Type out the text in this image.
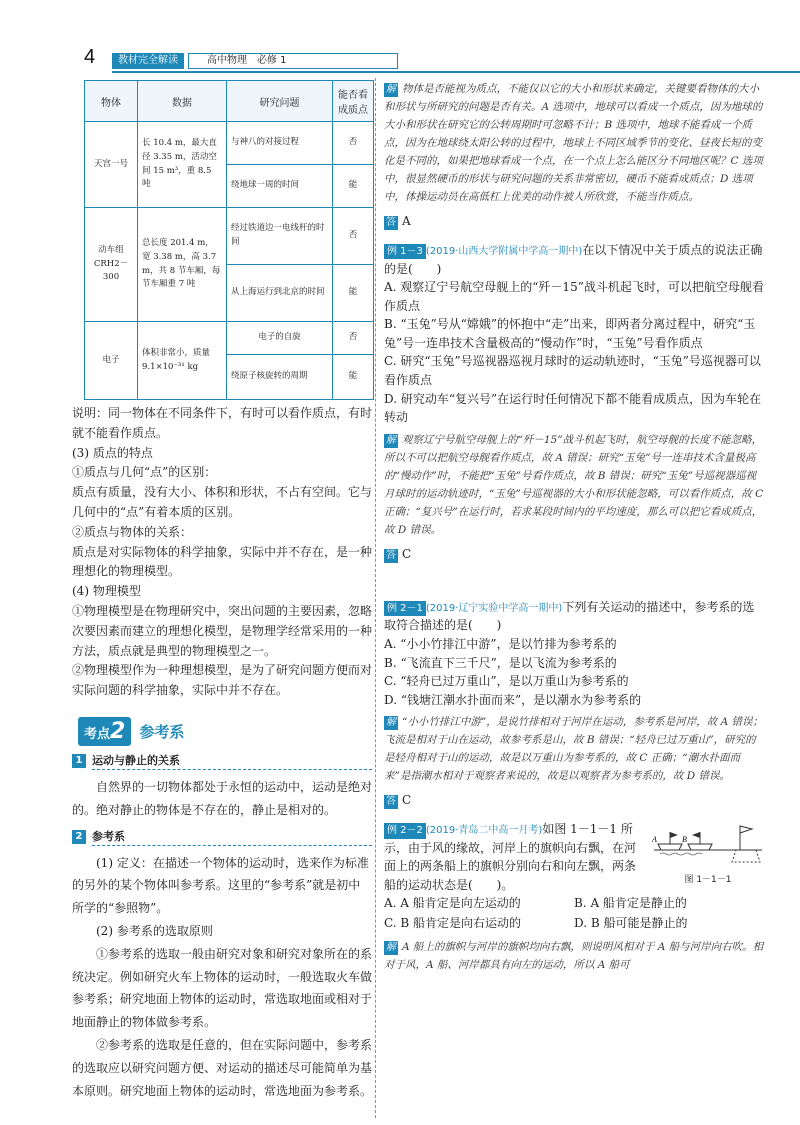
4	教材完全解读	高中物理　必修 1
物体	数据	研究问题	能否看成质点
天宫一号	长 10.4 m，最大直径 3.35 m，活动空间 15 m³，重 8.5 吨	与神八的对接过程	否
		绕地球一周的时间	能
动车组 CRH2－300	总长度 201.4 m，宽 3.38 m，高 3.7 m，共 8 节车厢，每节车厢重 7 吨	经过铁道边一电线杆的时间	否
		从上海运行到北京的时间	能
电子	体积非常小，质量 9.1×10⁻³¹ kg	电子的自旋	否
		绕原子核旋转的周期	能

说明：同一物体在不同条件下，有时可以看作质点，有时就不能看作质点。

(3) 质点的特点

①质点与几何“点”的区别：

质点有质量，没有大小、体积和形状，不占有空间。它与几何中的“点”有着本质的区别。

②质点与物体的关系：

质点是对实际物体的科学抽象，实际中并不存在，是一种理想化的物理模型。

(4) 物理模型

①物理模型是在物理研究中，突出问题的主要因素，忽略次要因素而建立的理想化模型，是物理学经常采用的一种方法，质点就是典型的物理模型之一。

②物理模型作为一种理想模型，是为了研究问题方便而对实际问题的科学抽象，实际中并不存在。

考点2 参考系
1 运动与静止的关系

自然界的一切物体都处于永恒的运动中，运动是绝对的。绝对静止的物体是不存在的，静止是相对的。

2 参考系

(1) 定义：在描述一个物体的运动时，选来作为标准的另外的某个物体叫参考系。这里的“参考系”就是初中所学的“参照物”。

(2) 参考系的选取原则

①参考系的选取一般由研究对象和研究对象所在的系统决定。例如研究火车上物体的运动时，一般选取火车做参考系；研究地面上物体的运动时，常选取地面或相对于地面静止的物体做参考系。

②参考系的选取是任意的，但在实际问题中，参考系的选取应以研究问题方便、对运动的描述尽可能简单为基本原则。研究地面上物体的运动时，常选地面为参考系。

解 物体是否能视为质点，不能仅以它的大小和形状来确定，关键要看物体的大小和形状与所研究的问题是否有关。A 选项中，地球可以看成一个质点，因为地球的大小和形状在研究它的公转周期时可忽略不计；B 选项中，地球不能看成一个质点，因为在地球绕太阳公转的过程中，地球上不同区域季节的变化、昼夜长短的变化是不同的，如果把地球看成一个点，在一个点上怎么能区分不同地区呢？C 选项中，很显然硬币的形状与研究问题的关系非常密切，硬币不能看成质点；D 选项中，体操运动员在高低杠上优美的动作被人所欣赏，不能当作质点。

答 A

例 1－3 (2019·山西大学附属中学高一期中)在以下情况中关于质点的说法正确的是(　　)

A. 观察辽宁号航空母舰上的“歼－15”战斗机起飞时，可以把航空母舰看作质点

B. “玉兔”号从“嫦娥”的怀抱中“走”出来，即两者分离过程中，研究“玉兔”号一连串技术含量极高的“慢动作”时，“玉兔”号看作质点

C. 研究“玉兔”号巡视器巡视月球时的运动轨迹时，“玉兔”号巡视器可以看作质点

D. 研究动车“复兴号”在运行时任何情况下都不能看成质点，因为车轮在转动

解 观察辽宁号航空母舰上的“歼－15”战斗机起飞时，航空母舰的长度不能忽略，所以不可以把航空母舰看作质点，故 A 错误；研究“玉兔”号一连串技术含量极高的“慢动作”时，不能把“玉兔”号看作质点，故 B 错误；研究“玉兔”号巡视器巡视月球时的运动轨迹时，“玉兔”号巡视器的大小和形状能忽略，可以看作质点，故 C 正确；“复兴号”在运行时，若求某段时间内的平均速度，那么可以把它看成质点，故 D 错误。

答 C

例 2－1 (2019·辽宁实验中学高一期中)下列有关运动的描述中，参考系的选取符合描述的是(　　)

A. “小小竹排江中游”，是以竹排为参考系的

B. “飞流直下三千尺”，是以飞流为参考系的

C. “轻舟已过万重山”，是以万重山为参考系的

D. “钱塘江潮水扑面而来”，是以潮水为参考系的

解 “小小竹排江中游”，是说竹排相对于河岸在运动，参考系是河岸，故 A 错误；飞流是相对于山在运动，故参考系是山，故 B 错误；“轻舟已过万重山”，研究的是轻舟相对于山的运动，故是以万重山为参考系的，故 C 正确；“潮水扑面而来”是指潮水相对于观察者来说的，故是以观察者为参考系的，故 D 错误。

答 C

A	B
图 1－1－1

例 2－2 (2019·青岛二中高一月考)如图 1－1－1 所示，由于风的缘故，河岸上的旗帜向右飘，在河面上的两条船上的旗帜分别向右和向左飘，两条船的运动状态是(　　)。

A. A 船肯定是向左运动的	B. A 船肯定是静止的
C. B 船肯定是向右运动的	D. B 船可能是静止的

解 A 船上的旗帜与河岸的旗帜均向右飘，则说明风相对于 A 船与河岸向右吹。相对于风，A 船、河岸都具有向左的运动，所以 A 船可
